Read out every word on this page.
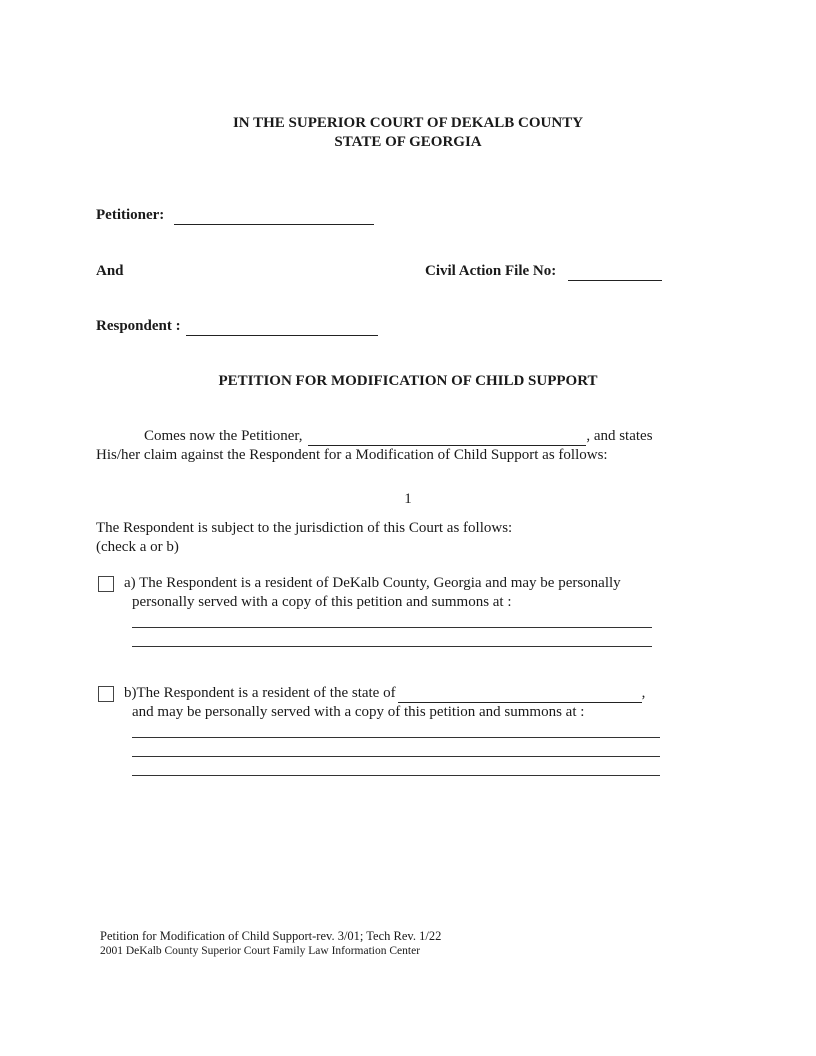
IN THE SUPERIOR COURT OF DEKALB COUNTY
STATE OF GEORGIA
Petitioner:
And	Civil Action File No:
Respondent :
PETITION FOR MODIFICATION OF CHILD SUPPORT
Comes now the Petitioner,	, and states
His/her claim against the Respondent for a Modification of Child Support as follows:
1
The Respondent is subject to the jurisdiction of this Court as follows:
(check a or b)
a) The Respondent is a resident of DeKalb County, Georgia and may be personally
personally served with a copy of this petition and summons at :
b)The Respondent is a resident of the state of	,
and may be personally served with a copy of this petition and summons at :
Petition for Modification of Child Support-rev. 3/01; Tech Rev. 1/22
2001 DeKalb County Superior Court Family Law Information Center
